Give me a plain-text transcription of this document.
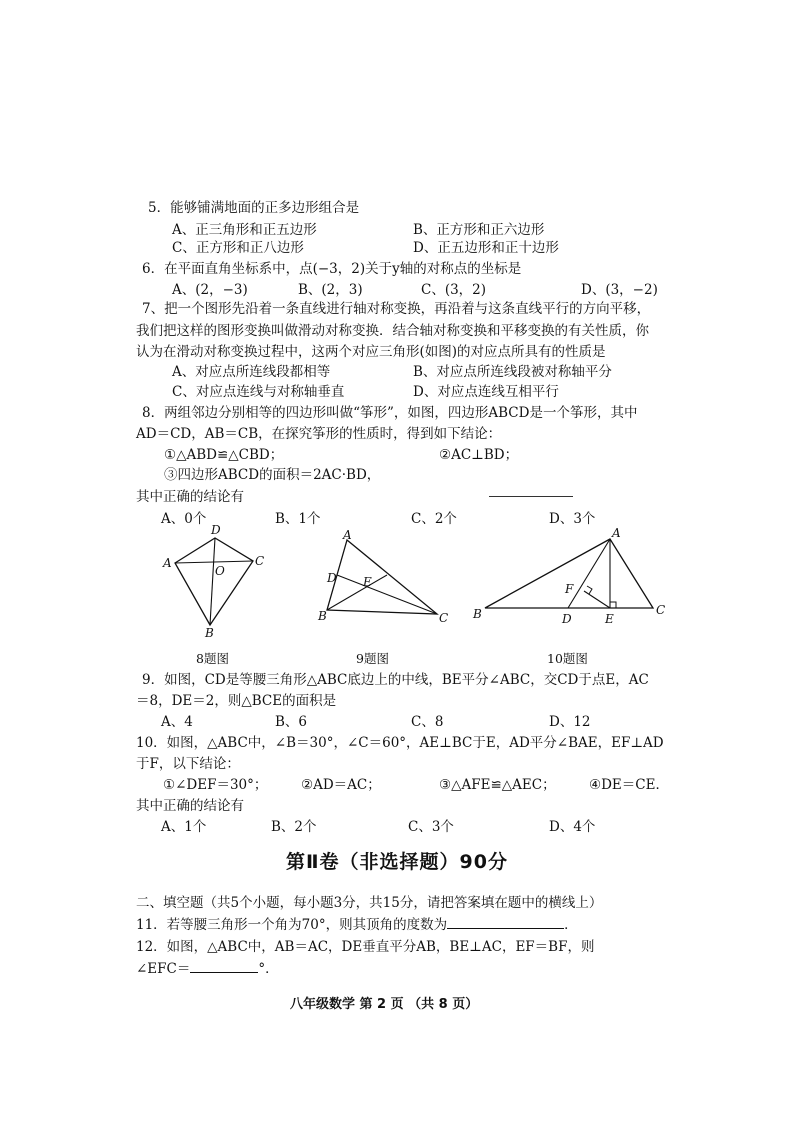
5．能够铺满地面的正多边形组合是
A、正三角形和正五边形	B、正方形和正六边形
C、正方形和正八边形	D、正五边形和正十边形
6．在平面直角坐标系中，点(−3，2)关于y轴的对称点的坐标是
A、(2，−3)	B、(2，3)	C、(3，2)	D、(3，−2)
7、把一个图形先沿着一条直线进行轴对称变换，再沿着与这条直线平行的方向平移，
我们把这样的图形变换叫做滑动对称变换．结合轴对称变换和平移变换的有关性质，你
认为在滑动对称变换过程中，这两个对应三角形(如图)的对应点所具有的性质是
A、对应点所连线段都相等	B、对应点所连线段被对称轴平分
C、对应点连线与对称轴垂直	D、对应点连线互相平行
8．两组邻边分别相等的四边形叫做“筝形”，如图，四边形ABCD是一个筝形，其中
AD＝CD，AB＝CB，在探究筝形的性质时，得到如下结论：
①△ABD≌△CBD；	②AC⊥BD；
③四边形ABCD的面积＝2AC·BD，
其中正确的结论有
A、0个	B、1个	C、2个	D、3个
A
D
C
O
B
8题图
A
D E
B	C
9题图
A
F
B	D	E
C
10题图
9．如图，CD是等腰三角形△ABC底边上的中线，BE平分∠ABC，交CD于点E，AC
＝8，DE＝2，则△BCE的面积是
A、4	B、6	C、8	D、12
10．如图，△ABC中，∠B＝30°，∠C＝60°，AE⊥BC于E，AD平分∠BAE，EF⊥AD
于F，以下结论：
①∠DEF＝30°； ②AD＝AC；	③△AFE≌△AEC； ④DE＝CE．
其中正确的结论有
A、1个	B、2个	C、3个	D、4个
第Ⅱ卷（非选择题）90分
二、填空题（共5个小题，每小题3分，共15分，请把答案填在题中的横线上）
11．若等腰三角形一个角为70°，则其顶角的度数为	．
12．如图，△ABC中，AB＝AC，DE垂直平分AB，BE⊥AC，EF＝BF，则
∠EFC＝	°．
八年级数学 第 2 页 （共 8 页）
